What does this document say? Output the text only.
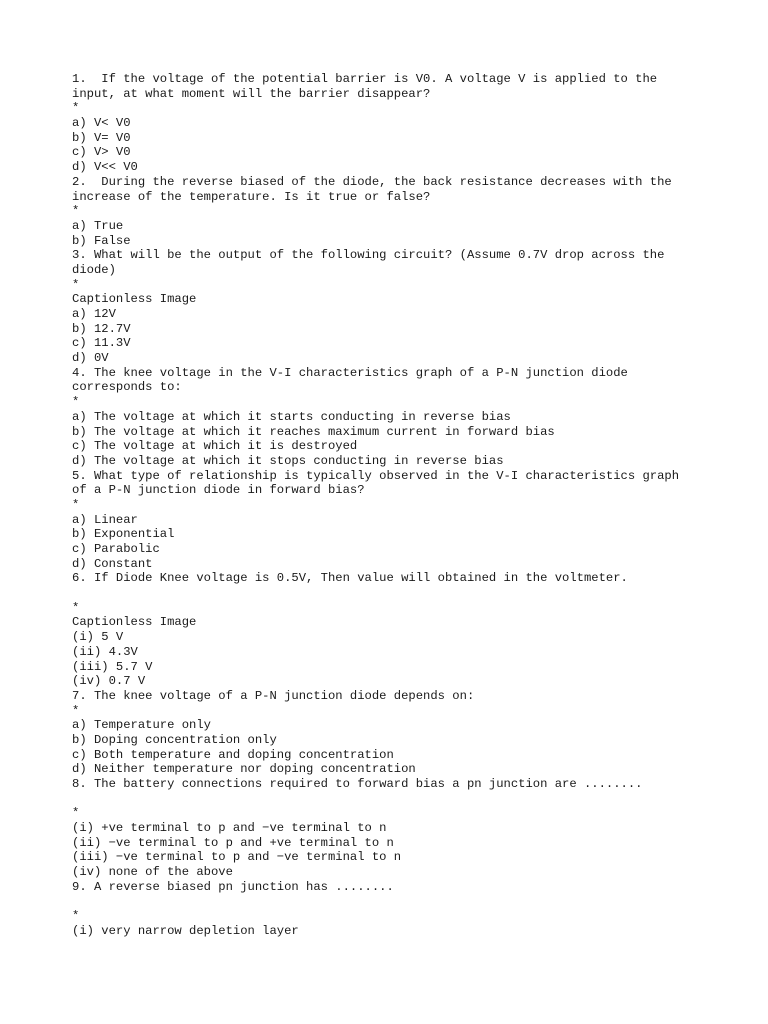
1.  If the voltage of the potential barrier is V0. A voltage V is applied to the
input, at what moment will the barrier disappear?
*
a) V< V0
b) V= V0
c) V> V0
d) V<< V0
2.  During the reverse biased of the diode, the back resistance decreases with the
increase of the temperature. Is it true or false?
*
a) True
b) False
3. What will be the output of the following circuit? (Assume 0.7V drop across the
diode)
*
Captionless Image
a) 12V
b) 12.7V
c) 11.3V
d) 0V
4. The knee voltage in the V-I characteristics graph of a P-N junction diode
corresponds to:
*
a) The voltage at which it starts conducting in reverse bias
b) The voltage at which it reaches maximum current in forward bias
c) The voltage at which it is destroyed
d) The voltage at which it stops conducting in reverse bias
5. What type of relationship is typically observed in the V-I characteristics graph
of a P-N junction diode in forward bias?
*
a) Linear
b) Exponential
c) Parabolic
d) Constant
6. If Diode Knee voltage is 0.5V, Then value will obtained in the voltmeter.
*
Captionless Image
(i) 5 V
(ii) 4.3V
(iii) 5.7 V
(iv) 0.7 V
7. The knee voltage of a P-N junction diode depends on:
*
a) Temperature only
b) Doping concentration only
c) Both temperature and doping concentration
d) Neither temperature nor doping concentration
8. The battery connections required to forward bias a pn junction are ........
*
(i) +ve terminal to p and −ve terminal to n
(ii) −ve terminal to p and +ve terminal to n
(iii) −ve terminal to p and −ve terminal to n
(iv) none of the above
9. A reverse biased pn junction has ........
*
(i) very narrow depletion layer
